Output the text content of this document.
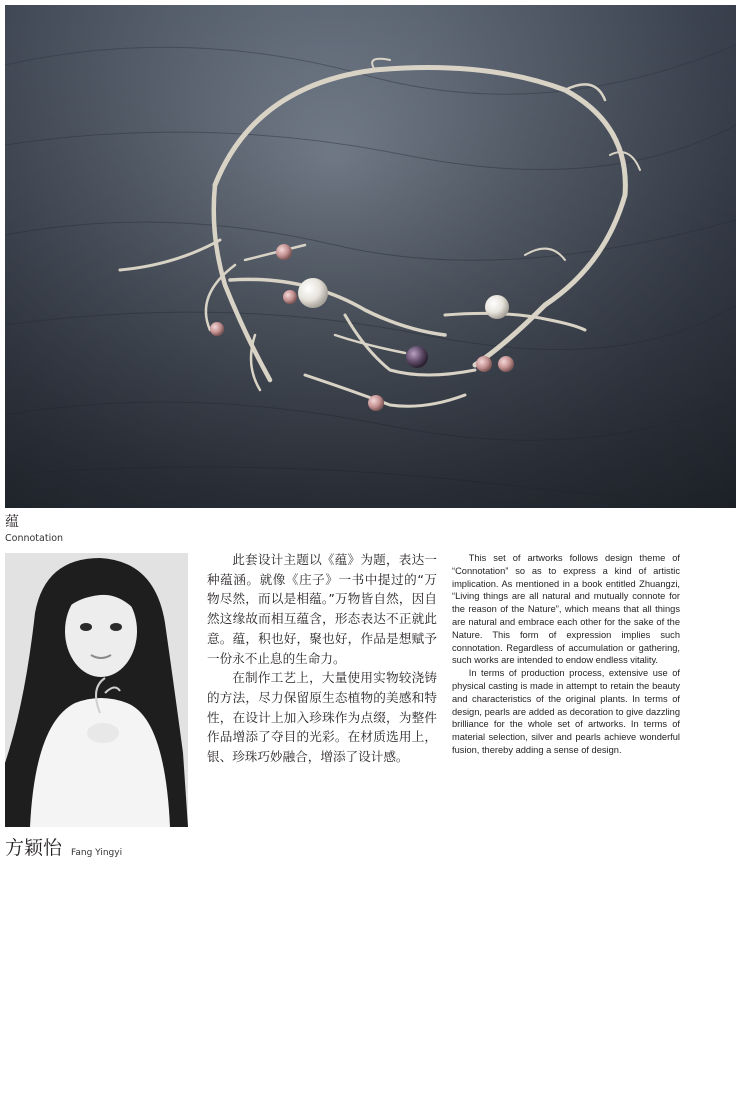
蕴
Connotation
方颖怡 Fang Yingyi

此套设计主题以《蕴》为题，表达一种蕴涵。就像《庄子》一书中提过的“万物尽然，而以是相蕴。”万物皆自然，因自然这缘故而相互蕴含，形态表达不正就此意。蕴，积也好，聚也好，作品是想赋予一份永不止息的生命力。

在制作工艺上，大量使用实物较浇铸的方法，尽力保留原生态植物的美感和特性，在设计上加入珍珠作为点缀，为整件作品增添了夺目的光彩。在材质选用上，银、珍珠巧妙融合，增添了设计感。

This set of artworks follows design theme of “Connotation” so as to express a kind of artistic implication. As mentioned in a book entitled Zhuangzi, “Living things are all natural and mutually connote for the reason of the Nature”, which means that all things are natural and embrace each other for the sake of the Nature. This form of expression implies such connotation. Regardless of accumulation or gathering, such works are intended to endow endless vitality.

In terms of production process, extensive use of physical casting is made in attempt to retain the beauty and characteristics of the original plants. In terms of design, pearls are added as decoration to give dazzling brilliance for the whole set of artworks. In terms of material selection, silver and pearls achieve wonderful fusion, thereby adding a sense of design.
